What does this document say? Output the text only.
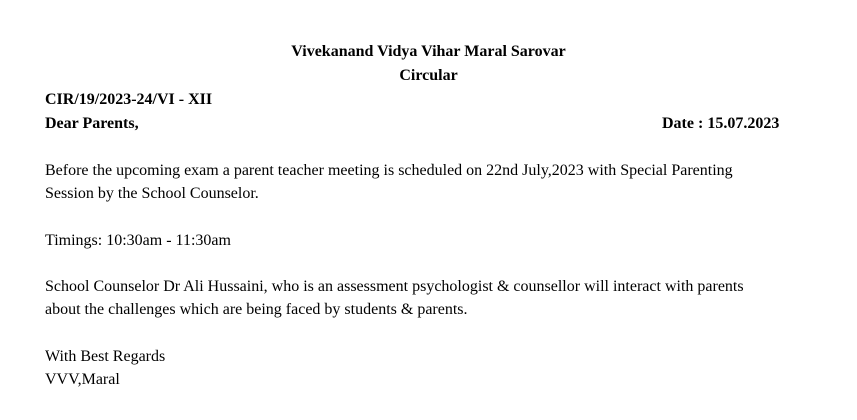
Vivekanand Vidya Vihar Maral Sarovar
Circular
CIR/19/2023-24/VI - XII
Dear Parents,	Date : 15.07.2023
Before the upcoming exam a parent teacher meeting is scheduled on 22nd July,2023 with Special Parenting
Session by the School Counselor.
Timings: 10:30am - 11:30am
School Counselor Dr Ali Hussaini, who is an assessment psychologist & counsellor will interact with parents
about the challenges which are being faced by students & parents.
With Best Regards
VVV,Maral
